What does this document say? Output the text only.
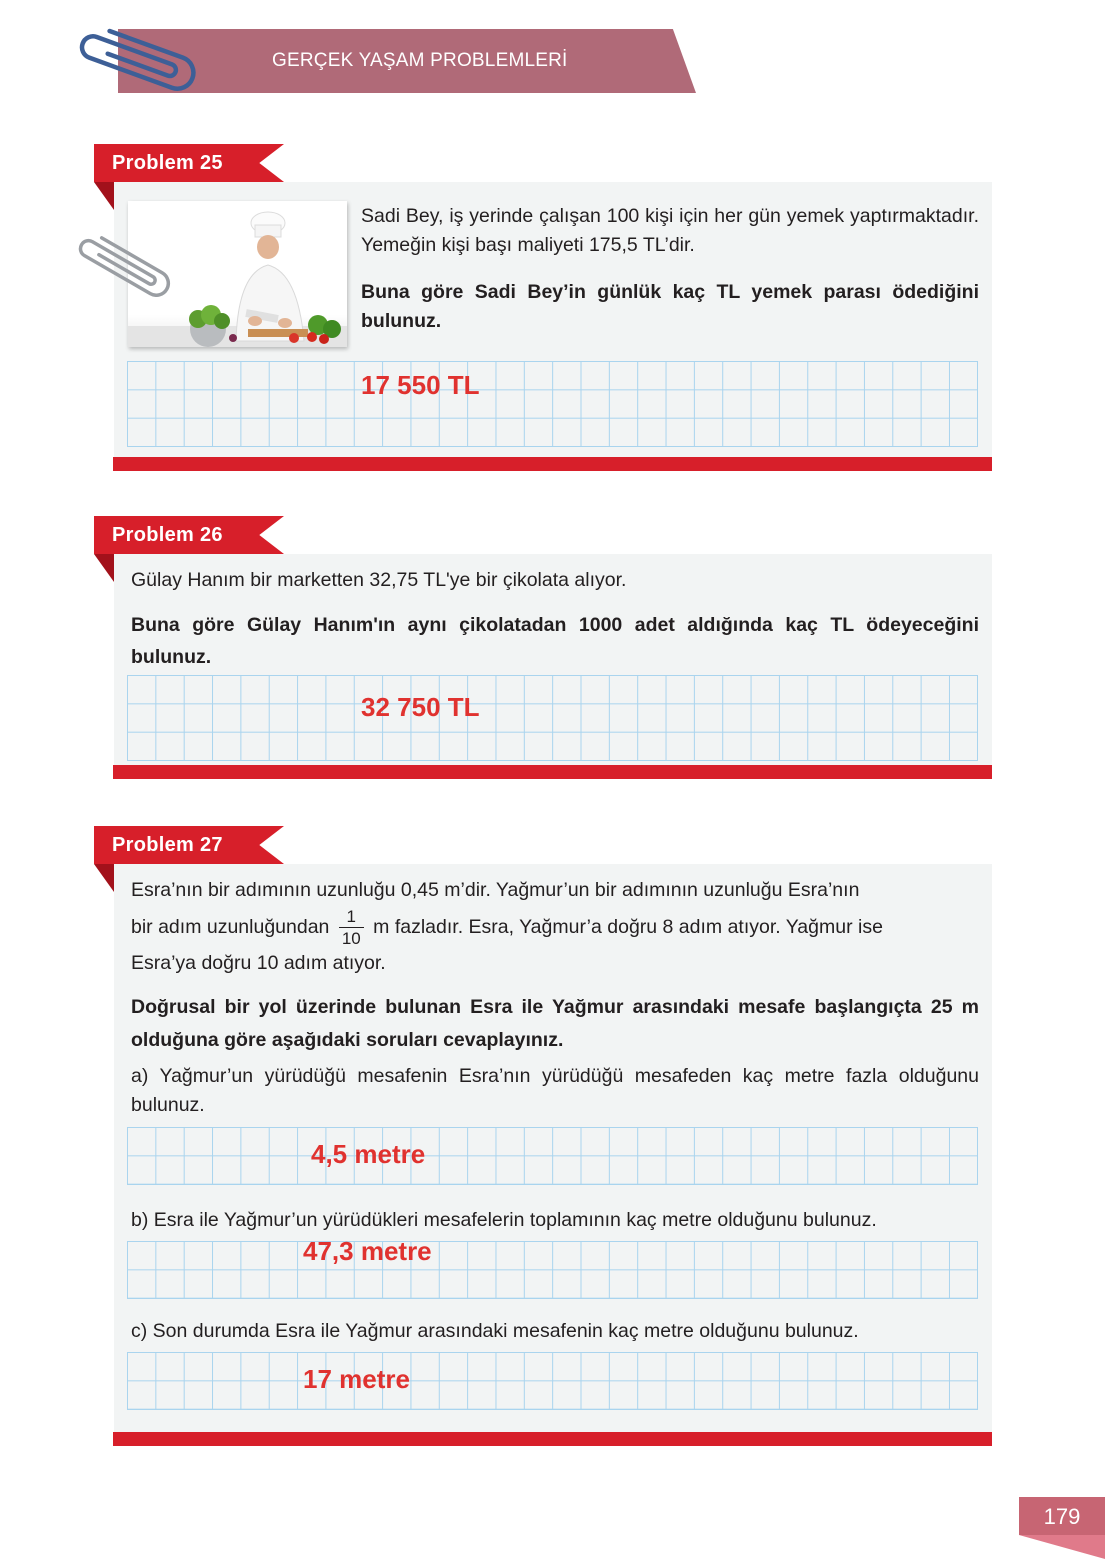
GERÇEK YAŞAM PROBLEMLERİ
Problem 25
Sadi Bey, iş yerinde çalışan 100 kişi için her gün yemek yaptırmaktadır. Yemeğin kişi başı maliyeti 175,5 TL’dir.
Buna göre Sadi Bey’in günlük kaç TL yemek parası ödediğini bulunuz.
17 550 TL
Problem 26
Gülay Hanım bir marketten 32,75 TL'ye bir çikolata alıyor.
Buna göre Gülay Hanım'ın aynı çikolatadan 1000 adet aldığında kaç TL ödeyeceğini bulunuz.
32 750 TL
Problem 27
Esra’nın bir adımının uzunluğu 0,45 m’dir. Yağmur’un bir adımının uzunluğu Esra’nın
bir adım uzunluğundan $\frac{1}{10}$ m fazladır. Esra, Yağmur’a doğru 8 adım atıyor. Yağmur ise
Esra’ya doğru 10 adım atıyor.
Doğrusal bir yol üzerinde bulunan Esra ile Yağmur arasındaki mesafe başlangıçta 25 m olduğuna göre aşağıdaki soruları cevaplayınız.
a) Yağmur’un yürüdüğü mesafenin Esra’nın yürüdüğü mesafeden kaç metre fazla olduğunu bulunuz.
4,5 metre
b) Esra ile Yağmur’un yürüdükleri mesafelerin toplamının kaç metre olduğunu bulunuz.
47,3 metre
c) Son durumda Esra ile Yağmur arasındaki mesafenin kaç metre olduğunu bulunuz.
17 metre
179
